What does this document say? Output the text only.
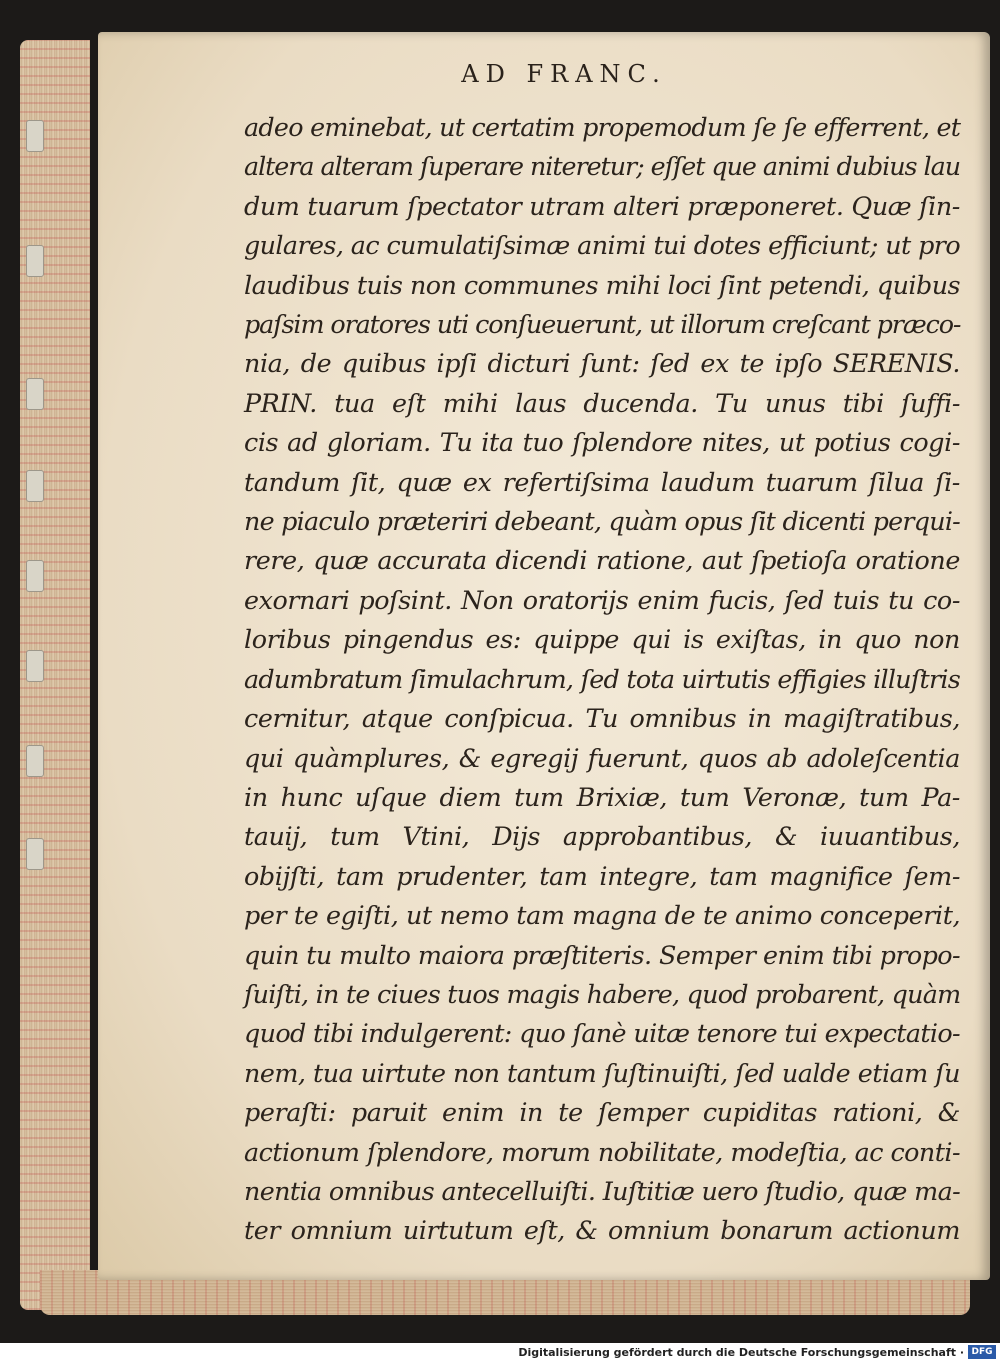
AD FRANC.
adeo eminebat, ut certatim propemodum ſe ſe efferrent, et
altera alteram ſuperare niteretur; eſſet que animi dubius lau
dum tuarum ſpectator utram alteri præponeret. Quæ ſin-
gulares, ac cumulatiſsimæ animi tui dotes efficiunt; ut pro
laudibus tuis non communes mihi loci ſint petendi, quibus
paſsim oratores uti conſueuerunt, ut illorum creſcant præco-
nia, de quibus ipſi dicturi ſunt: ſed ex te ipſo SERENIS.
PRIN. tua eſt mihi laus ducenda. Tu unus tibi ſuffi-
cis ad gloriam. Tu ita tuo ſplendore nites, ut potius cogi-
tandum ſit, quæ ex refertiſsima laudum tuarum ſilua ſi-
ne piaculo præteriri debeant, quàm opus ſit dicenti perqui-
rere, quæ accurata dicendi ratione, aut ſpetioſa oratione
exornari poſsint. Non oratorijs enim fucis, ſed tuis tu co-
loribus pingendus es: quippe qui is exiſtas, in quo non
adumbratum ſimulachrum, ſed tota uirtutis effigies illuſtris
cernitur, atque conſpicua. Tu omnibus in magiſtratibus,
qui quàmplures, & egregij fuerunt, quos ab adoleſcentia
in hunc uſque diem tum Brixiæ, tum Veronæ, tum Pa-
tauij, tum Vtini, Dijs approbantibus, & iuuantibus,
obijſti, tam prudenter, tam integre, tam magnifice ſem-
per te egiſti, ut nemo tam magna de te animo conceperit,
quin tu multo maiora præſtiteris. Semper enim tibi propo-
ſuiſti, in te ciues tuos magis habere, quod probarent, quàm
quod tibi indulgerent: quo ſanè uitæ tenore tui expectatio-
nem, tua uirtute non tantum ſuſtinuiſti, ſed ualde etiam ſu
peraſti: paruit enim in te ſemper cupiditas rationi, &
actionum ſplendore, morum nobilitate, modeſtia, ac conti-
nentia omnibus antecelluiſti. Iuſtitiæ uero ſtudio, quæ ma-
ter omnium uirtutum eſt, & omnium bonarum actionum
Digitalisierung gefördert durch die Deutsche Forschungsgemeinschaft · DFG
